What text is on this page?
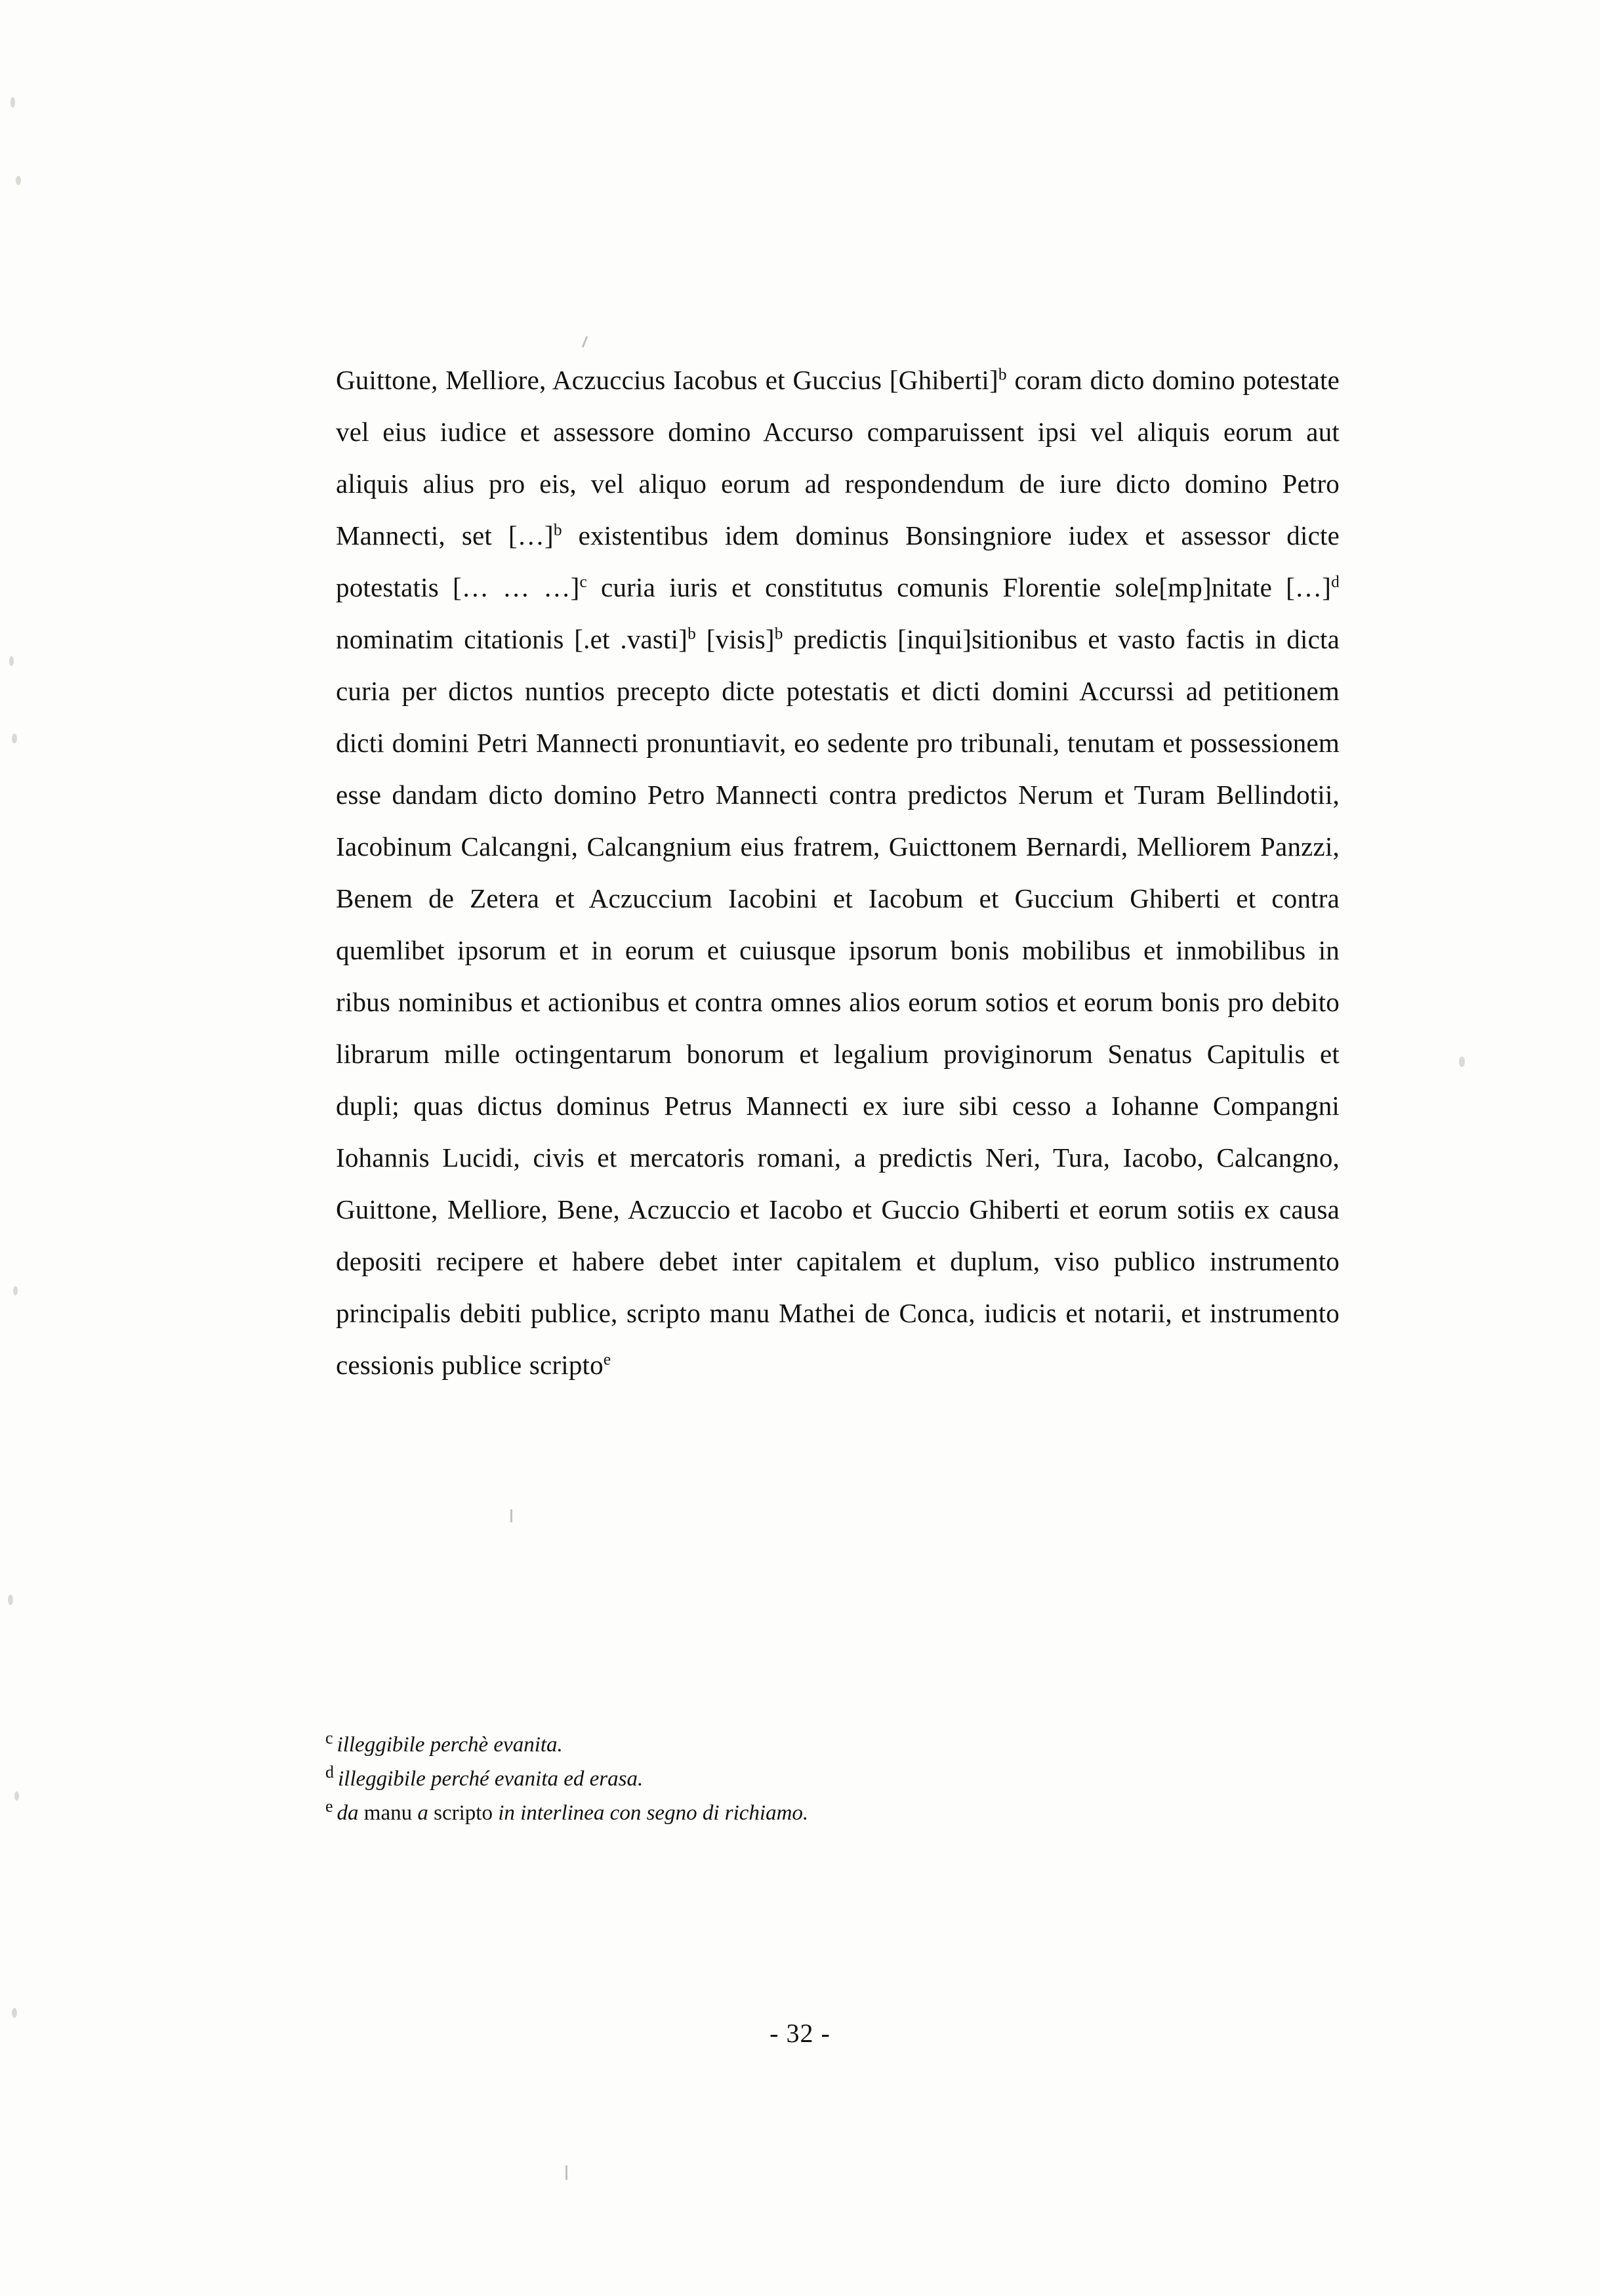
Guittone, Melliore, Aczuccius Iacobus et Guccius [Ghiberti]$^b$ coram dicto domino potestate vel eius iudice et assessore domino Accurso comparuissent ipsi vel aliquis eorum aut aliquis alius pro eis, vel aliquo eorum ad respondendum de iure dicto domino Petro Mannecti, set […]$^b$ existentibus idem dominus Bonsingniore iudex et assessor dicte potestatis [… … …]$^c$ curia iuris et constitutus comunis Florentie sole[mp]nitate […]$^d$ nominatim citationis [.et .vasti]$^b$ [visis]$^b$ predictis [inqui]sitionibus et vasto factis in dicta curia per dictos nuntios precepto dicte potestatis et dicti domini Accurssi ad petitionem dicti domini Petri Mannecti pronuntiavit, eo sedente pro tribunali, tenutam et possessionem esse dandam dicto domino Petro Mannecti contra predictos Nerum et Turam Bellindotii, Iacobinum Calcangni, Calcangnium eius fratrem, Guicttonem Bernardi, Melliorem Panzzi, Benem de Zetera et Aczuccium Iacobini et Iacobum et Guccium Ghiberti et contra quemlibet ipsorum et in eorum et cuiusque ipsorum bonis mobilibus et inmobilibus in ribus nominibus et actionibus et contra omnes alios eorum sotios et eorum bonis pro debito librarum mille octingentarum bonorum et legalium proviginorum Senatus Capitulis et dupli; quas dictus dominus Petrus Mannecti ex iure sibi cesso a Iohanne Compangni Iohannis Lucidi, civis et mercatoris romani, a predictis Neri, Tura, Iacobo, Calcangno, Guittone, Melliore, Bene, Aczuccio et Iacobo et Guccio Ghiberti et eorum sotiis ex causa depositi recipere et habere debet inter capitalem et duplum, viso publico instrumento principalis debiti publice, scripto manu Mathei de Conca, iudicis et notarii, et instrumento cessionis publice scripto$^e$

$^c$ illeggibile perchè evanita.

$^d$ illeggibile perché evanita ed erasa.

$^e$ da manu a scripto in interlinea con segno di richiamo.

- 32 -
